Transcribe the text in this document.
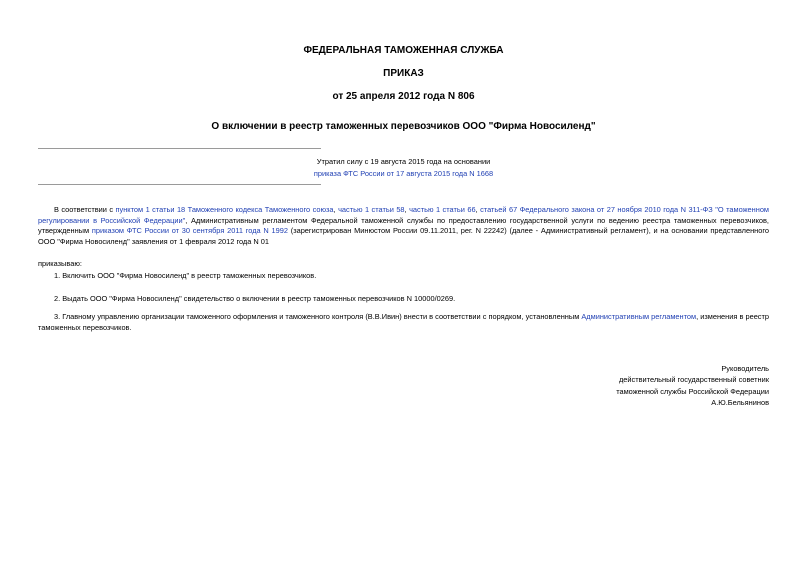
ФЕДЕРАЛЬНАЯ ТАМОЖЕННАЯ СЛУЖБА
ПРИКАЗ
от 25 апреля 2012 года N 806
О включении в реестр таможенных перевозчиков ООО "Фирма Новосиленд"
Утратил силу с 19 августа 2015 года на основании
приказа ФТС России от 17 августа 2015 года N 1668
В соответствии с пунктом 1 статьи 18 Таможенного кодекса Таможенного союза, частью 1 статьи 58, частью 1 статьи 66, статьей 67 Федерального закона от 27 ноября 2010 года N 311-ФЗ "О таможенном регулировании в Российской Федерации", Административным регламентом Федеральной таможенной службы по предоставлению государственной услуги по ведению реестра таможенных перевозчиков, утвержденным приказом ФТС России от 30 сентября 2011 года N 1992 (зарегистрирован Минюстом России 09.11.2011, рег. N 22242) (далее - Административный регламент), и на основании представленного ООО "Фирма Новосиленд" заявления от 1 февраля 2012 года N 01
приказываю:
1. Включить ООО "Фирма Новосиленд" в реестр таможенных перевозчиков.
2. Выдать ООО "Фирма Новосиленд" свидетельство о включении в реестр таможенных перевозчиков N 10000/0269.
3. Главному управлению организации таможенного оформления и таможенного контроля (В.В.Ивин) внести в соответствии с порядком, установленным Административным регламентом, изменения в реестр таможенных перевозчиков.
Руководитель
действительный государственный советник
таможенной службы Российской Федерации
А.Ю.Бельянинов
